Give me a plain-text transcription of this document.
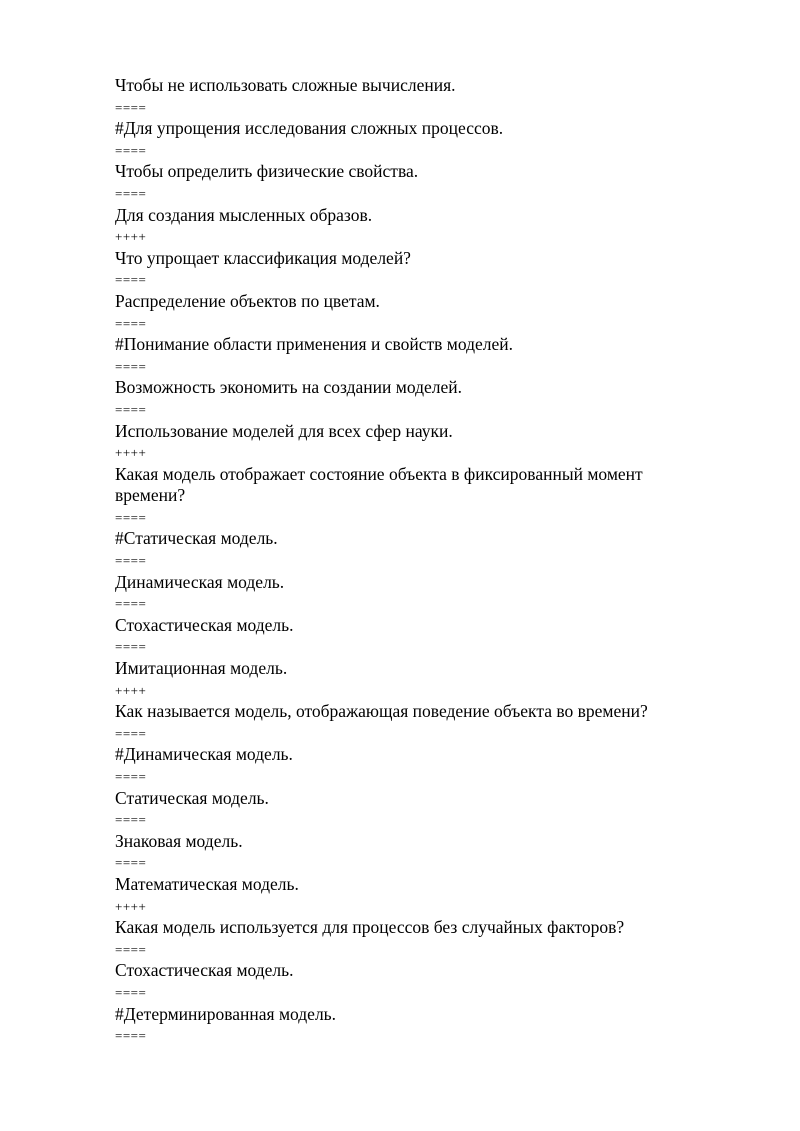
Чтобы не использовать сложные вычисления.

====

#Для упрощения исследования сложных процессов.

====

Чтобы определить физические свойства.

====

Для создания мысленных образов.

++++

Что упрощает классификация моделей?

====

Распределение объектов по цветам.

====

#Понимание области применения и свойств моделей.

====

Возможность экономить на создании моделей.

====

Использование моделей для всех сфер науки.

++++

Какая модель отображает состояние объекта в фиксированный момент времени?

====

#Статическая модель.

====

Динамическая модель.

====

Стохастическая модель.

====

Имитационная модель.

++++

Как называется модель, отображающая поведение объекта во времени?

====

#Динамическая модель.

====

Статическая модель.

====

Знаковая модель.

====

Математическая модель.

++++

Какая модель используется для процессов без случайных факторов?

====

Стохастическая модель.

====

#Детерминированная модель.

====
